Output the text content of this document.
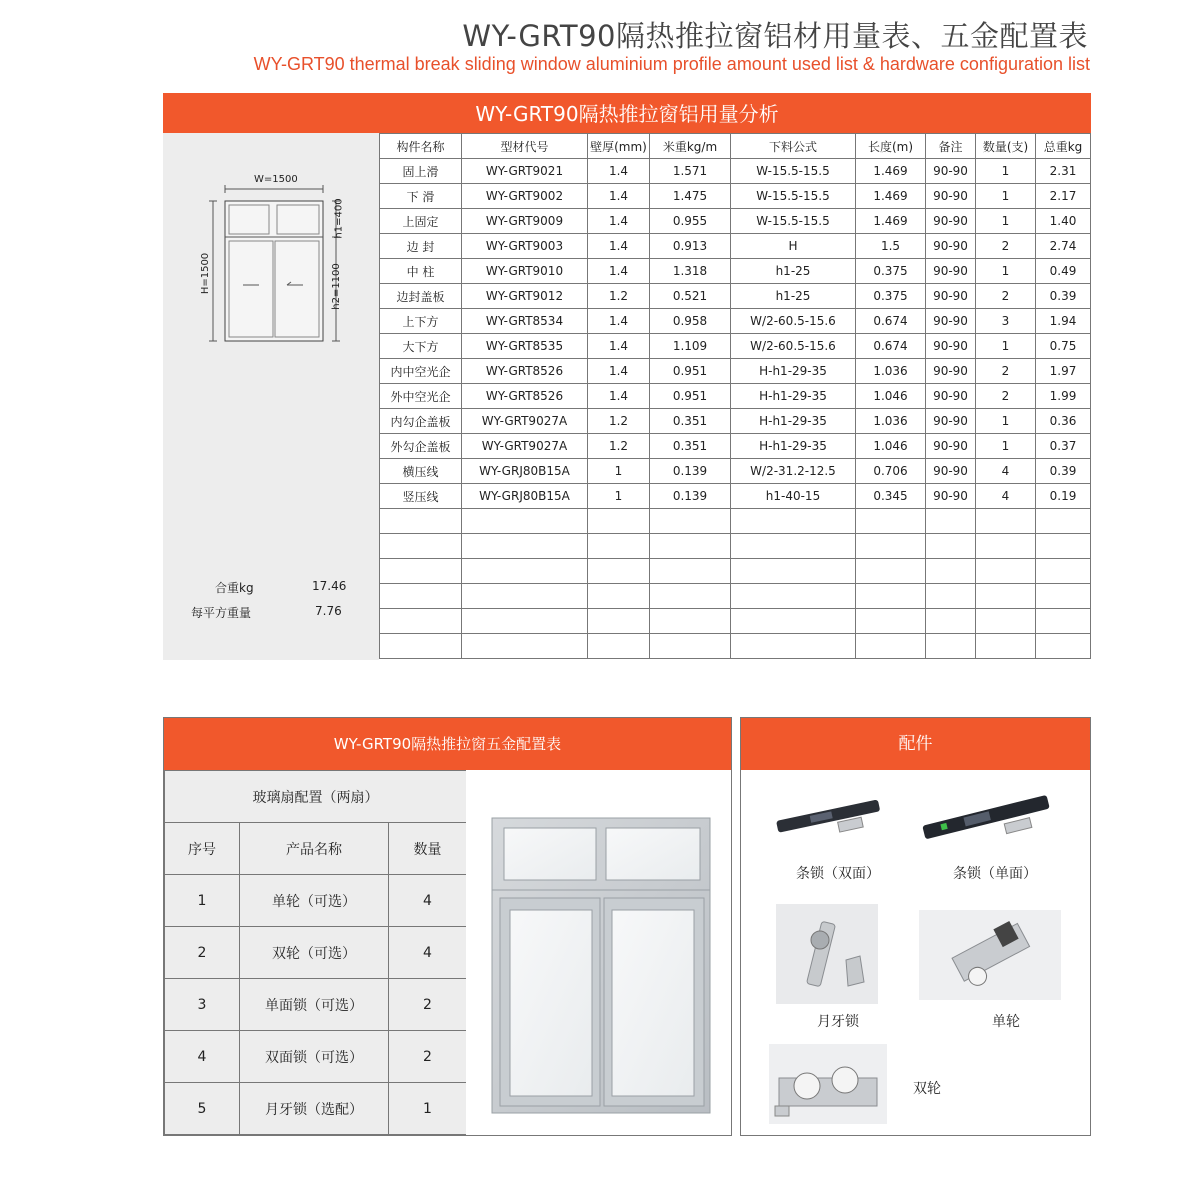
WY-GRT90隔热推拉窗铝材用量表、五金配置表
WY-GRT90 thermal break sliding window aluminium profile amount used list & hardware configuration list
WY-GRT90隔热推拉窗铝用量分析
W=1500
H=1500
h1=400
h2=1100
合重kg	17.46
每平方重量	7.76
构件名称	型材代号	壁厚(mm)	米重kg/m	下料公式	长度(m)	备注	数量(支)	总重kg
固上滑	WY-GRT9021	1.4	1.571	W-15.5-15.5	1.469	90-90	1	2.31
下 滑	WY-GRT9002	1.4	1.475	W-15.5-15.5	1.469	90-90	1	2.17
上固定	WY-GRT9009	1.4	0.955	W-15.5-15.5	1.469	90-90	1	1.40
边 封	WY-GRT9003	1.4	0.913	H	1.5	90-90	2	2.74
中 柱	WY-GRT9010	1.4	1.318	h1-25	0.375	90-90	1	0.49
边封盖板	WY-GRT9012	1.2	0.521	h1-25	0.375	90-90	2	0.39
上下方	WY-GRT8534	1.4	0.958	W/2-60.5-15.6	0.674	90-90	3	1.94
大下方	WY-GRT8535	1.4	1.109	W/2-60.5-15.6	0.674	90-90	1	0.75
内中空光企	WY-GRT8526	1.4	0.951	H-h1-29-35	1.036	90-90	2	1.97
外中空光企	WY-GRT8526	1.4	0.951	H-h1-29-35	1.046	90-90	2	1.99
内勾企盖板	WY-GRT9027A	1.2	0.351	H-h1-29-35	1.036	90-90	1	0.36
外勾企盖板	WY-GRT9027A	1.2	0.351	H-h1-29-35	1.046	90-90	1	0.37
横压线	WY-GRJ80B15A	1	0.139	W/2-31.2-12.5	0.706	90-90	4	0.39
竖压线	WY-GRJ80B15A	1	0.139	h1-40-15	0.345	90-90	4	0.19

WY-GRT90隔热推拉窗五金配置表
玻璃扇配置（两扇）		
序号	产品名称	数量
1	单轮（可选）	4
2	双轮（可选）	4
3	单面锁（可选）	2
4	双面锁（可选）	2
5	月牙锁（选配）	1
配件
条锁（双面）	条锁（单面）
月牙锁	单轮
双轮
